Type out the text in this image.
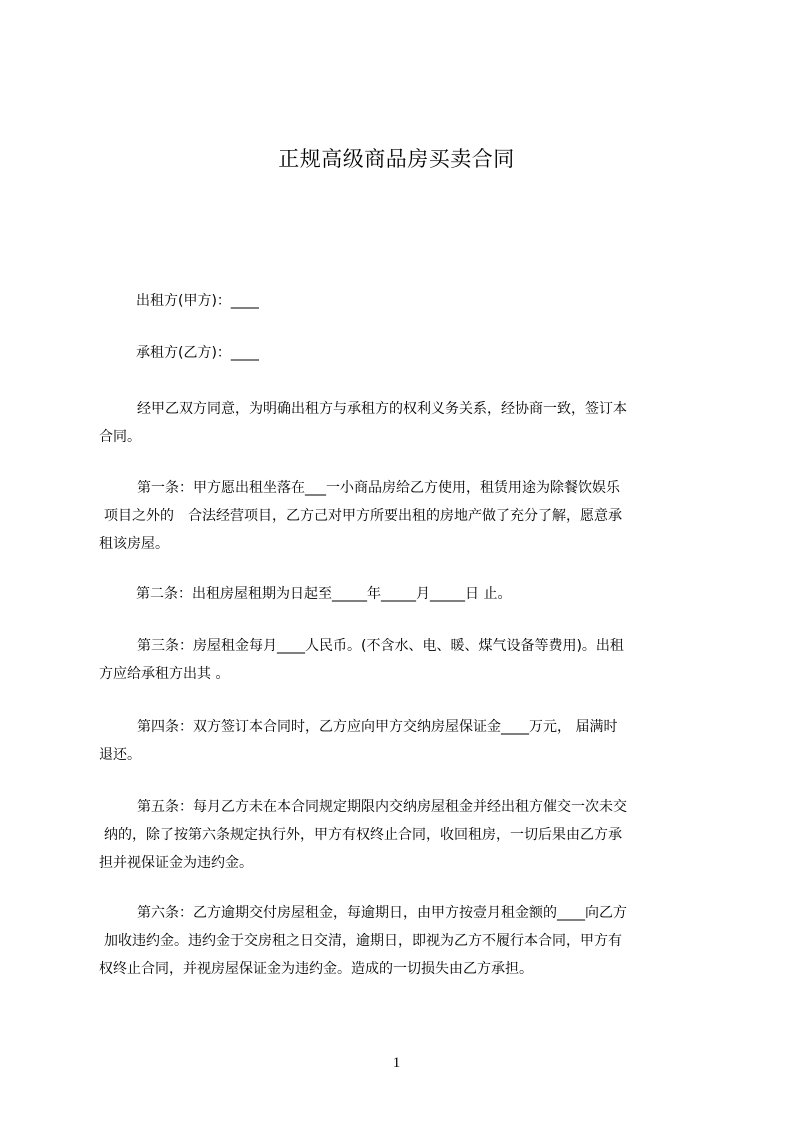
正规高级商品房买卖合同
出租方(甲方)：____
承租方(乙方)：____

经甲乙双方同意，为明确出租方与承租方的权利义务关系，经协商一致，签订本

合同。

第一条：甲方愿出租坐落在___一小商品房给乙方使用，租赁用途为除餐饮娱乐

项目之外的　合法经营项目，乙方己对甲方所要出租的房地产做了充分了解，愿意承

租该房屋。

第二条：出租房屋租期为日起至_____年_____月_____日 止。

第三条：房屋租金每月____人民币。(不含水、电、暖、煤气设备等费用)。出租

方应给承租方出其 。

第四条：双方签订本合同时，乙方应向甲方交纳房屋保证金____万元， 届满时

退还。

第五条：每月乙方未在本合同规定期限内交纳房屋租金并经出租方催交一次未交

纳的，除了按第六条规定执行外，甲方有权终止合同，收回租房，一切后果由乙方承

担并视保证金为违约金。

第六条：乙方逾期交付房屋租金，每逾期日，由甲方按壹月租金额的____向乙方

加收违约金。违约金于交房租之日交清，逾期日，即视为乙方不履行本合同，甲方有

权终止合同，并视房屋保证金为违约金。造成的一切损失由乙方承担。

1
